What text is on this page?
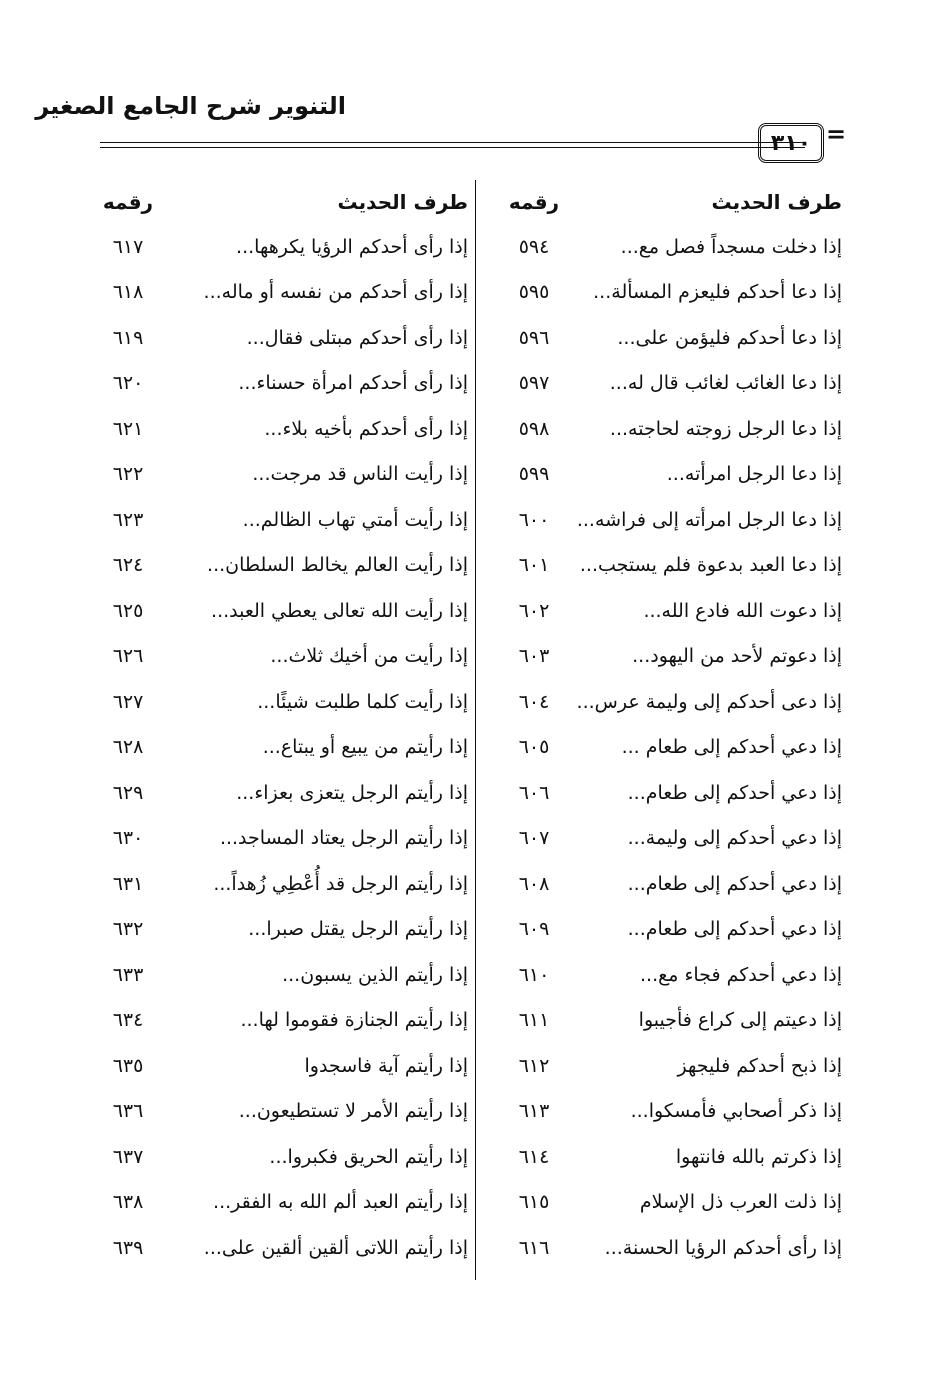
التنوير شرح الجامع الصغير
٣١٠ =
طرف الحديث
رقمه
طرف الحديث
رقمه
إذا دخلت مسجداً فصل مع...
٥٩٤
إذا رأى أحدكم الرؤيا يكرهها...
٦١٧
إذا دعا أحدكم فليعزم المسألة...
٥٩٥
إذا رأى أحدكم من نفسه أو ماله...
٦١٨
إذا دعا أحدكم فليؤمن على...
٥٩٦
إذا رأى أحدكم مبتلى فقال...
٦١٩
إذا دعا الغائب لغائب قال له...
٥٩٧
إذا رأى أحدكم امرأة حسناء...
٦٢٠
إذا دعا الرجل زوجته لحاجته...
٥٩٨
إذا رأى أحدكم بأخيه بلاء...
٦٢١
إذا دعا الرجل امرأته...
٥٩٩
إذا رأيت الناس قد مرجت...
٦٢٢
إذا دعا الرجل امرأته إلى فراشه...
٦٠٠
إذا رأيت أمتي تهاب الظالم...
٦٢٣
إذا دعا العبد بدعوة فلم يستجب...
٦٠١
إذا رأيت العالم يخالط السلطان...
٦٢٤
إذا دعوت الله فادع الله...
٦٠٢
إذا رأيت الله تعالى يعطي العبد...
٦٢٥
إذا دعوتم لأحد من اليهود...
٦٠٣
إذا رأيت من أخيك ثلاث...
٦٢٦
إذا دعى أحدكم إلى وليمة عرس...
٦٠٤
إذا رأيت كلما طلبت شيئًا...
٦٢٧
إذا دعي أحدكم إلى طعام ...
٦٠٥
إذا رأيتم من يبيع أو يبتاع...
٦٢٨
إذا دعي أحدكم إلى طعام...
٦٠٦
إذا رأيتم الرجل يتعزى بعزاء...
٦٢٩
إذا دعي أحدكم إلى وليمة...
٦٠٧
إذا رأيتم الرجل يعتاد المساجد...
٦٣٠
إذا دعي أحدكم إلى طعام...
٦٠٨
إذا رأيتم الرجل قد أُعْطِي زُهداً...
٦٣١
إذا دعي أحدكم إلى طعام...
٦٠٩
إذا رأيتم الرجل يقتل صبرا...
٦٣٢
إذا دعي أحدكم فجاء مع...
٦١٠
إذا رأيتم الذين يسبون...
٦٣٣
إذا دعيتم إلى كراع فأجيبوا
٦١١
إذا رأيتم الجنازة فقوموا لها...
٦٣٤
إذا ذبح أحدكم فليجهز
٦١٢
إذا رأيتم آية فاسجدوا
٦٣٥
إذا ذكر أصحابي فأمسكوا...
٦١٣
إذا رأيتم الأمر لا تستطيعون...
٦٣٦
إذا ذكرتم بالله فانتهوا
٦١٤
إذا رأيتم الحريق فكبروا...
٦٣٧
إذا ذلت العرب ذل الإسلام
٦١٥
إذا رأيتم العبد ألم الله به الفقر...
٦٣٨
إذا رأى أحدكم الرؤيا الحسنة...
٦١٦
إذا رأيتم اللاتى ألقين ألقين على...
٦٣٩
